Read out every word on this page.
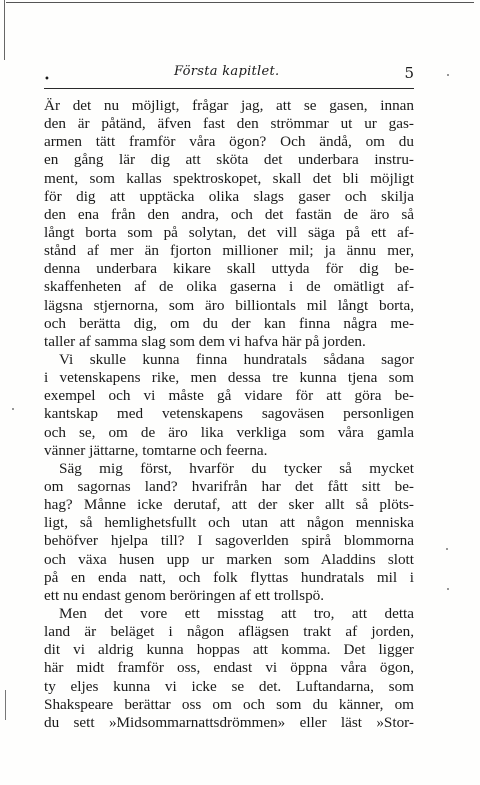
•
Första kapitlet.	5
Är det nu möjligt, frågar jag, att se gasen, innan
den är påtänd, äfven fast den strömmar ut ur gas-
armen tätt framför våra ögon? Och ändå, om du
en gång lär dig att sköta det underbara instru-
ment, som kallas spektroskopet, skall det bli möjligt
för dig att upptäcka olika slags gaser och skilja
den ena från den andra, och det fastän de äro så
långt borta som på solytan, det vill säga på ett af-
stånd af mer än fjorton millioner mil; ja ännu mer,
denna underbara kikare skall uttyda för dig be-
skaffenheten af de olika gaserna i de omätligt af-
lägsna stjernorna, som äro billiontals mil långt borta,
och berätta dig, om du der kan finna några me-
taller af samma slag som dem vi hafva här på jorden.
Vi skulle kunna finna hundratals sådana sagor
i vetenskapens rike, men dessa tre kunna tjena som
exempel och vi måste gå vidare för att göra be-
kantskap med vetenskapens sagoväsen personligen
och se, om de äro lika verkliga som våra gamla
vänner jättarne, tomtarne och feerna.
Säg mig först, hvarför du tycker så mycket
om sagornas land? hvarifrån har det fått sitt be-
hag? Månne icke derutaf, att der sker allt så plöts-
ligt, så hemlighetsfullt och utan att någon menniska
behöfver hjelpa till? I sagoverlden spirå blommorna
och växa husen upp ur marken som Aladdins slott
på en enda natt, och folk flyttas hundratals mil i
ett nu endast genom beröringen af ett trollspö.
Men det vore ett misstag att tro, att detta
land är beläget i någon aflägsen trakt af jorden,
dit vi aldrig kunna hoppas att komma. Det ligger
här midt framför oss, endast vi öppna våra ögon,
ty eljes kunna vi icke se det. Luftandarna, som
Shakspeare berättar oss om och som du känner, om
du sett »Midsommarnattsdrömmen» eller läst »Stor-
